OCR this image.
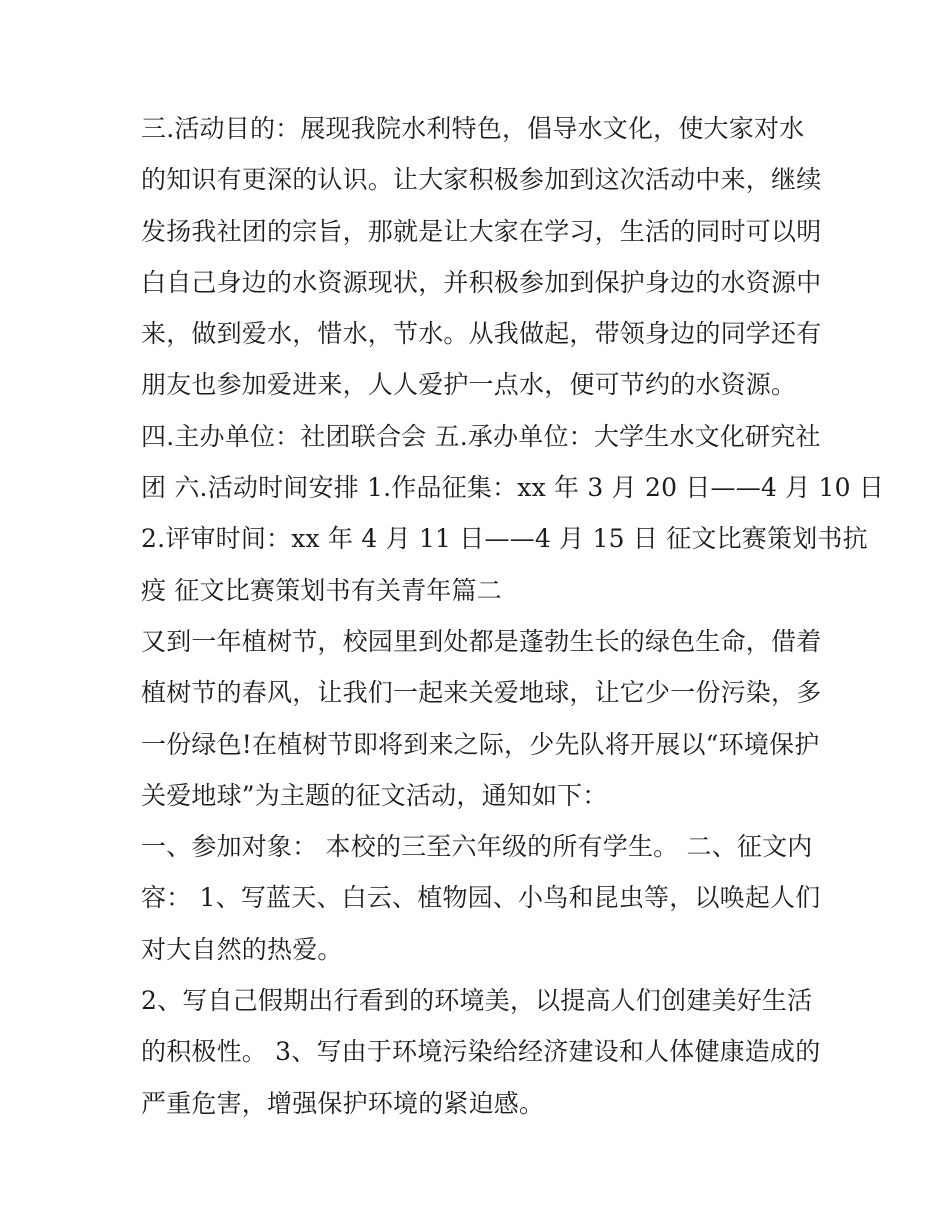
三.活动目的：展现我院水利特色，倡导水文化，使大家对水
的知识有更深的认识。让大家积极参加到这次活动中来，继续
发扬我社团的宗旨，那就是让大家在学习，生活的同时可以明
白自己身边的水资源现状，并积极参加到保护身边的水资源中
来，做到爱水，惜水，节水。从我做起，带领身边的同学还有
朋友也参加爱进来，人人爱护一点水，便可节约的水资源。
四.主办单位：社团联合会 五.承办单位：大学生水文化研究社
团 六.活动时间安排 1.作品征集：xx 年 3 月 20 日——4 月 10 日
2.评审时间：xx 年 4 月 11 日——4 月 15 日 征文比赛策划书抗
疫 征文比赛策划书有关青年篇二
又到一年植树节，校园里到处都是蓬勃生长的绿色生命，借着
植树节的春风，让我们一起来关爱地球，让它少一份污染，多
一份绿色!在植树节即将到来之际，少先队将开展以“环境保护
关爱地球”为主题的征文活动，通知如下：
一、参加对象： 本校的三至六年级的所有学生。 二、征文内
容： 1、写蓝天、白云、植物园、小鸟和昆虫等，以唤起人们
对大自然的热爱。
2、写自己假期出行看到的环境美，以提高人们创建美好生活
的积极性。 3、写由于环境污染给经济建设和人体健康造成的
严重危害，增强保护环境的紧迫感。
